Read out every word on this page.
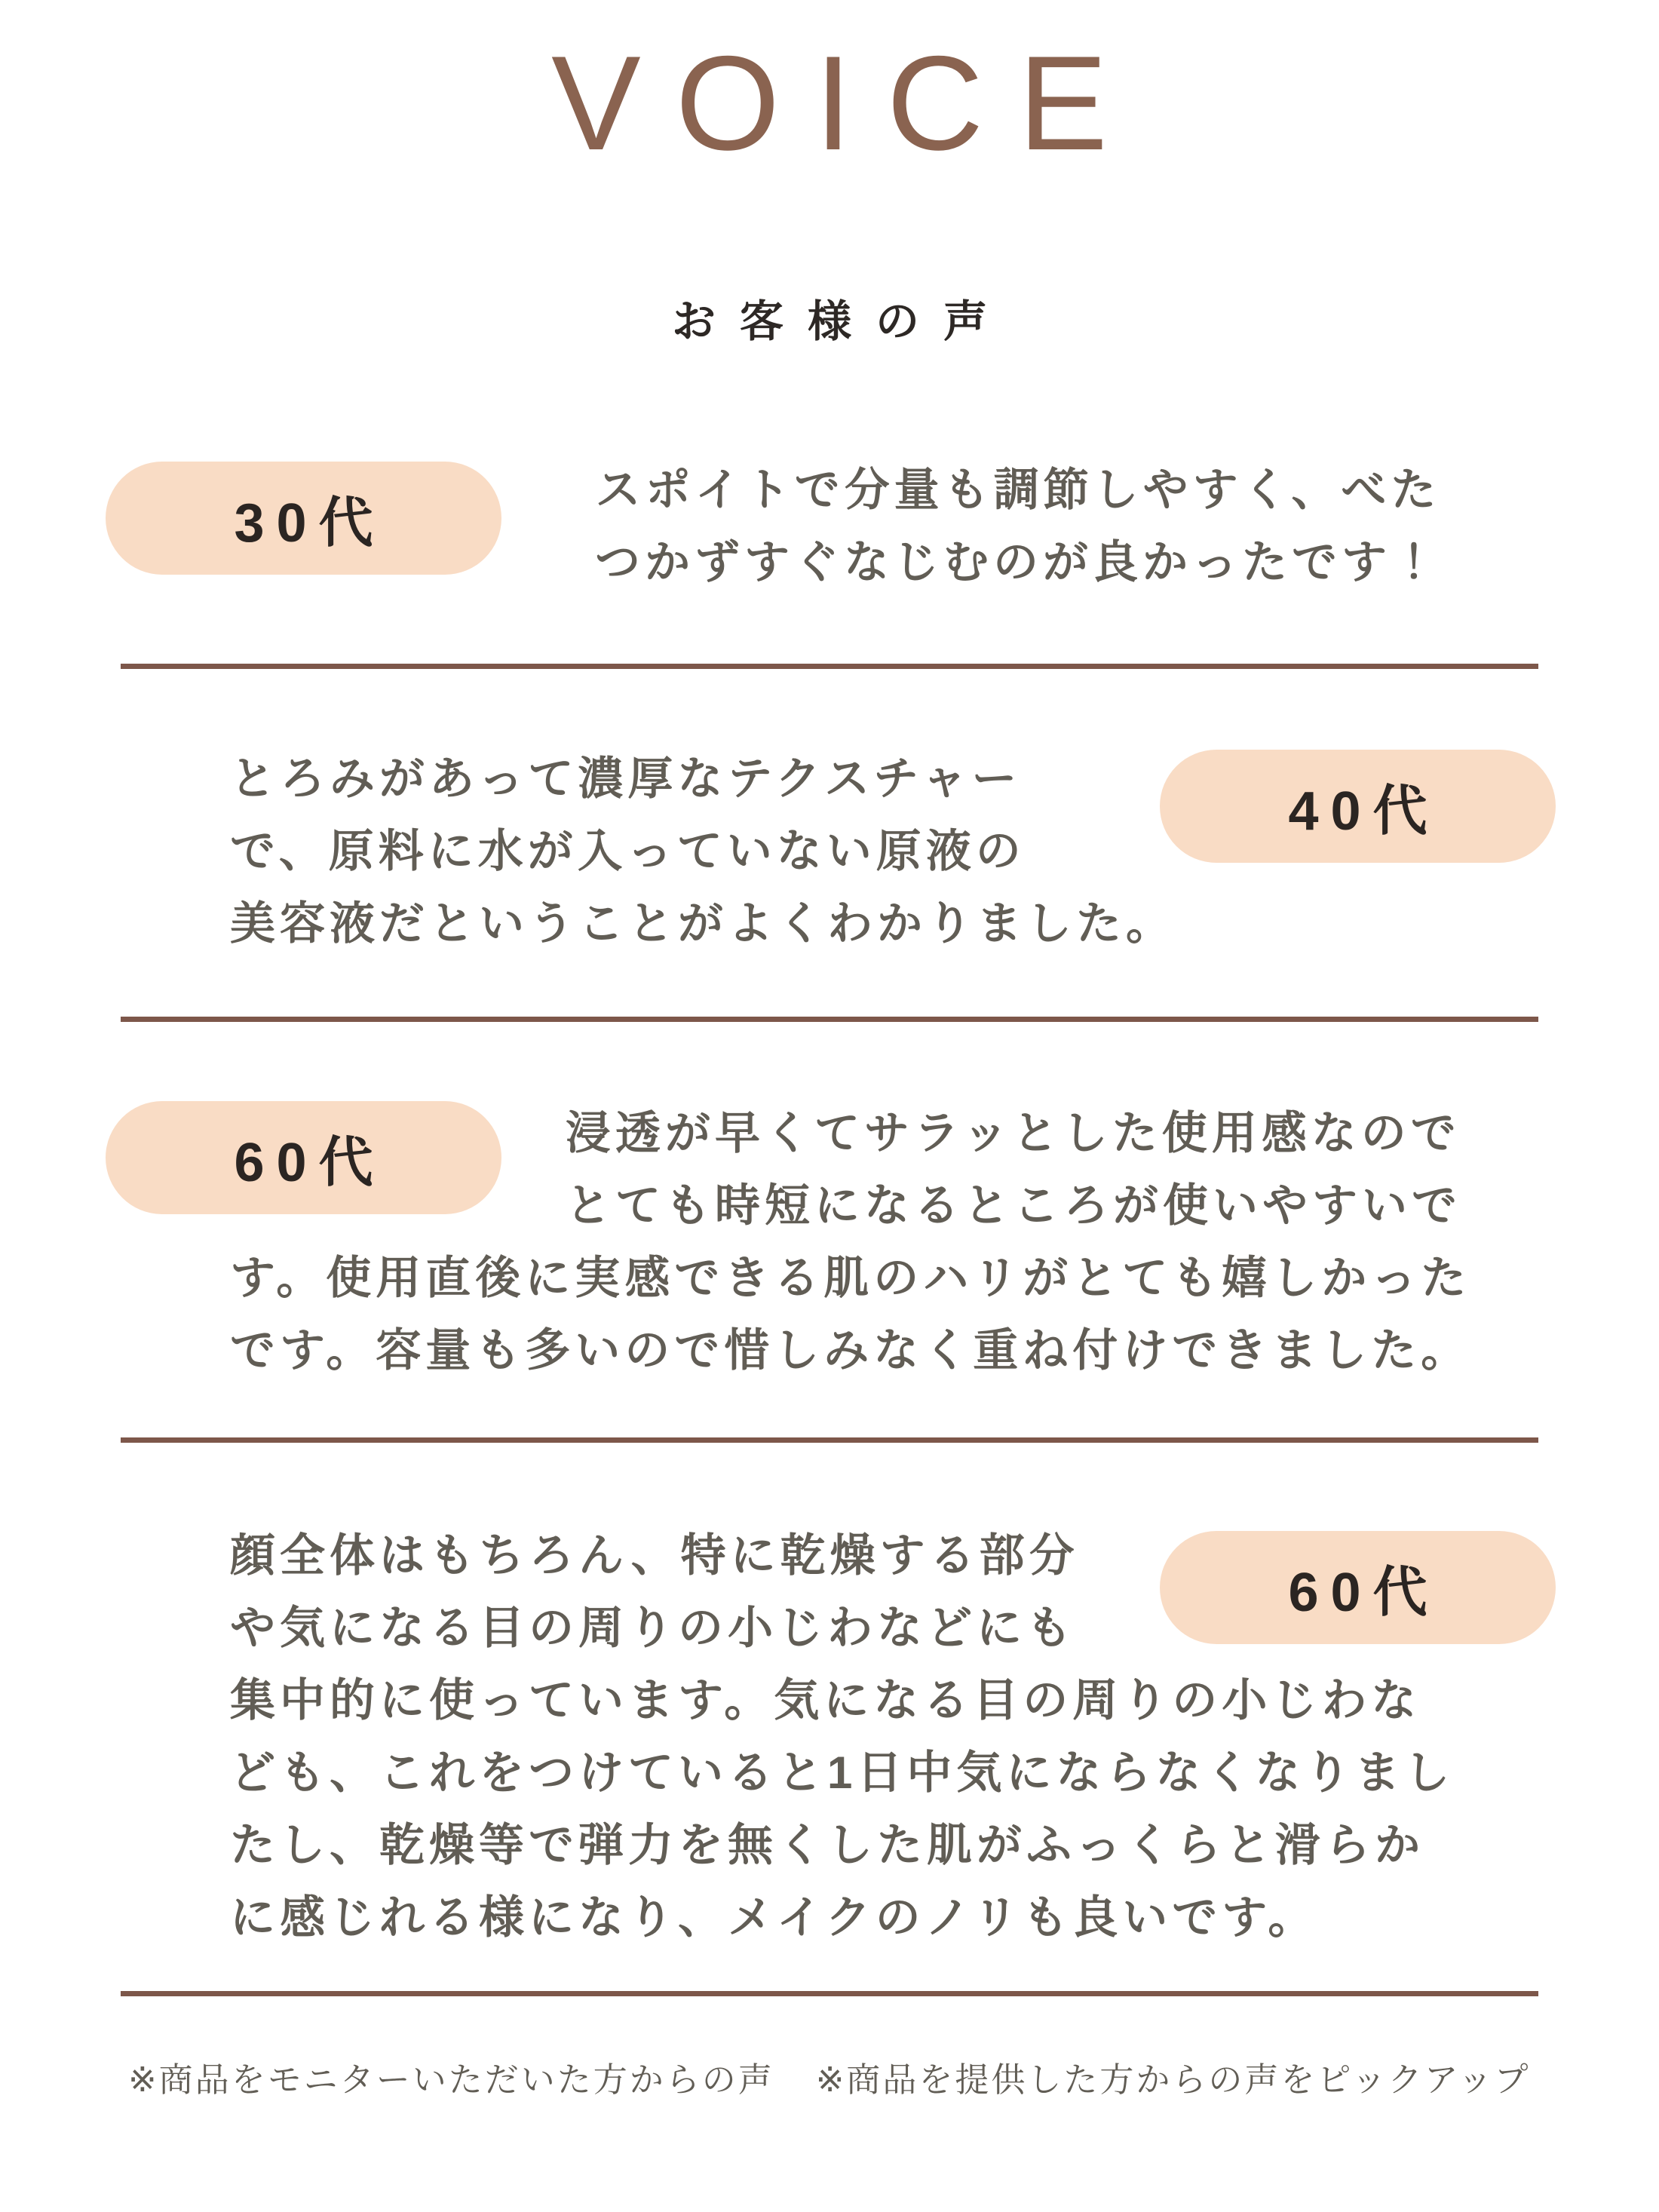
VOICE
お客様の声
30代
スポイトで分量も調節しやすく、べた
つかずすぐなじむのが良かったです！
とろみがあって濃厚なテクスチャー
で、原料に水が入っていない原液の
美容液だということがよくわかりました。
40代
60代	浸透が早くてサラッとした使用感なので
とても時短になるところが使いやすいで
す。使用直後に実感できる肌のハリがとても嬉しかった
です。容量も多いので惜しみなく重ね付けできました。
顔全体はもちろん、特に乾燥する部分
や気になる目の周りの小じわなどにも
60代
集中的に使っています。気になる目の周りの小じわな
ども、これをつけていると1日中気にならなくなりまし
たし、乾燥等で弾力を無くした肌がふっくらと滑らか
に感じれる様になり、メイクのノリも良いです。
※商品をモニターいただいた方からの声 ※商品を提供した方からの声をピックアップ
